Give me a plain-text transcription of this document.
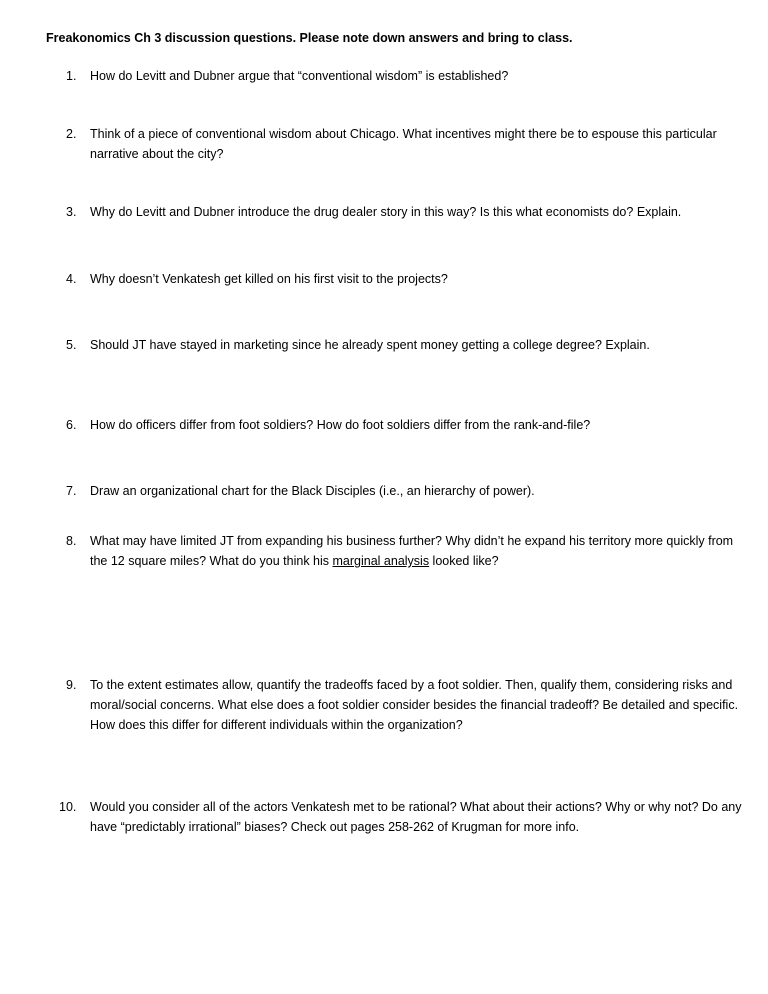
Freakonomics Ch 3 discussion questions. Please note down answers and bring to class.
1. How do Levitt and Dubner argue that “conventional wisdom” is established?
2. Think of a piece of conventional wisdom about Chicago. What incentives might there be to espouse this particular narrative about the city?
3. Why do Levitt and Dubner introduce the drug dealer story in this way? Is this what economists do? Explain.
4. Why doesn’t Venkatesh get killed on his first visit to the projects?
5. Should JT have stayed in marketing since he already spent money getting a college degree? Explain.
6. How do officers differ from foot soldiers? How do foot soldiers differ from the rank-and-file?
7. Draw an organizational chart for the Black Disciples (i.e., an hierarchy of power).
8. What may have limited JT from expanding his business further? Why didn’t he expand his territory more quickly from the 12 square miles? What do you think his marginal analysis looked like?
9. To the extent estimates allow, quantify the tradeoffs faced by a foot soldier. Then, qualify them, considering risks and moral/social concerns. What else does a foot soldier consider besides the financial tradeoff? Be detailed and specific. How does this differ for different individuals within the organization?
10. Would you consider all of the actors Venkatesh met to be rational? What about their actions? Why or why not? Do any have “predictably irrational” biases? Check out pages 258-262 of Krugman for more info.
